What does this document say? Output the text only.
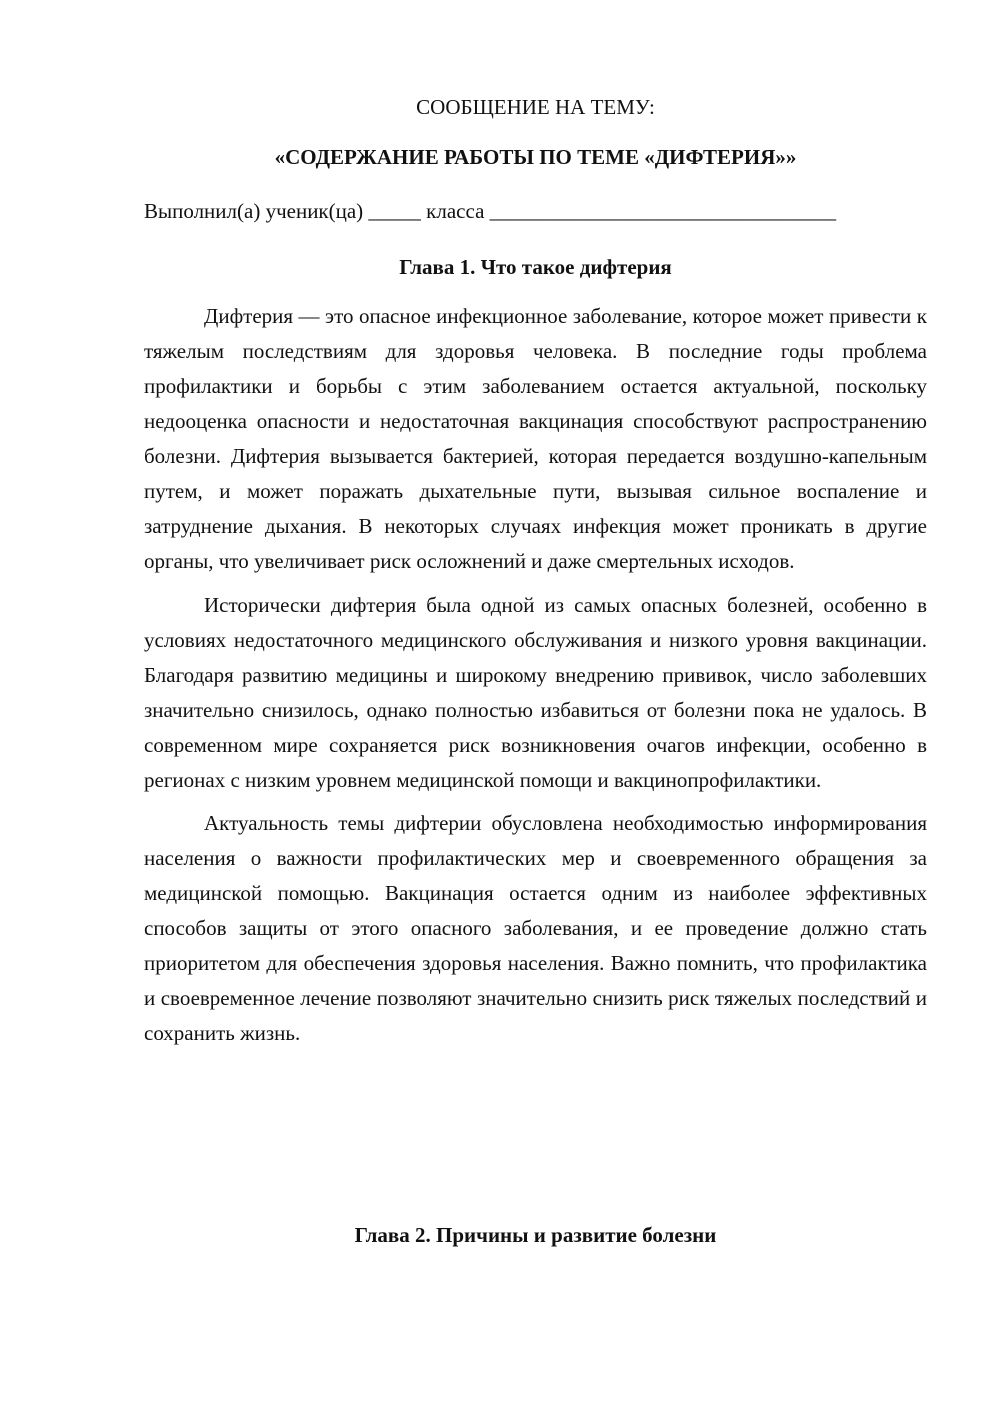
СООБЩЕНИЕ НА ТЕМУ:
«СОДЕРЖАНИЕ РАБОТЫ ПО ТЕМЕ «ДИФТЕРИЯ»»
Выполнил(а) ученик(ца) _____ класса _________________________________
Глава 1. Что такое дифтерия

Дифтерия — это опасное инфекционное заболевание, которое может привести к тяжелым последствиям для здоровья человека. В последние годы проблема профилактики и борьбы с этим заболеванием остается актуальной, поскольку недооценка опасности и недостаточная вакцинация способствуют распространению болезни. Дифтерия вызывается бактерией, которая передается воздушно-капельным путем, и может поражать дыхательные пути, вызывая сильное воспаление и затруднение дыхания. В некоторых случаях инфекция может проникать в другие органы, что увеличивает риск осложнений и даже смертельных исходов.

Исторически дифтерия была одной из самых опасных болезней, особенно в условиях недостаточного медицинского обслуживания и низкого уровня вакцинации. Благодаря развитию медицины и широкому внедрению прививок, число заболевших значительно снизилось, однако полностью избавиться от болезни пока не удалось. В современном мире сохраняется риск возникновения очагов инфекции, особенно в регионах с низким уровнем медицинской помощи и вакцинопрофилактики.

Актуальность темы дифтерии обусловлена необходимостью информирования населения о важности профилактических мер и своевременного обращения за медицинской помощью. Вакцинация остается одним из наиболее эффективных способов защиты от этого опасного заболевания, и ее проведение должно стать приоритетом для обеспечения здоровья населения. Важно помнить, что профилактика и своевременное лечение позволяют значительно снизить риск тяжелых последствий и сохранить жизнь.

Глава 2. Причины и развитие болезни
